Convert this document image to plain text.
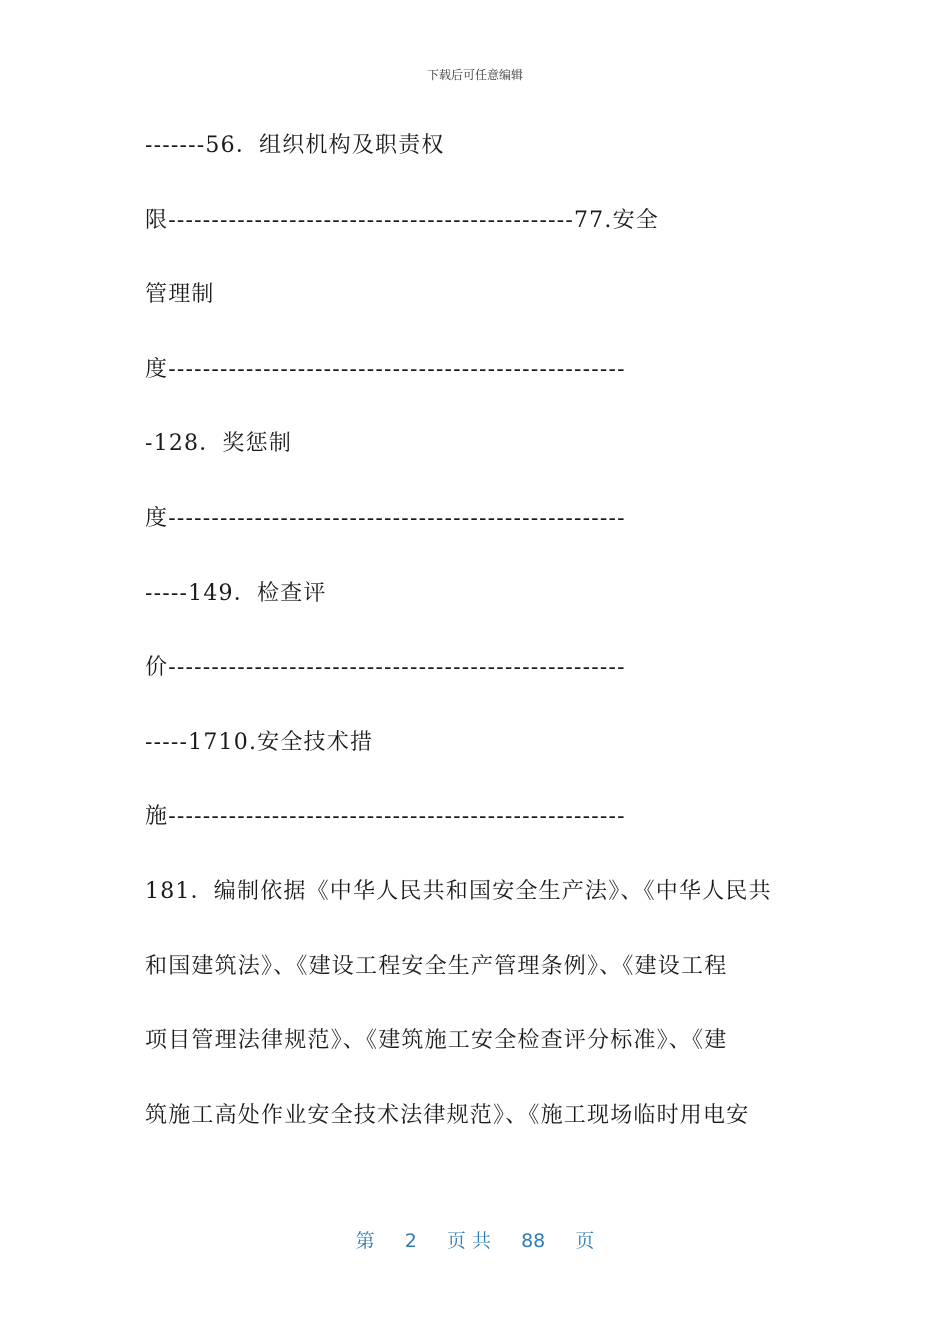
下载后可任意编辑
-------56．组织机构及职责权
限-----------------------------------------------77.安全
管理制
度-----------------------------------------------------
-128．奖惩制
度-----------------------------------------------------
-----149．检查评
价-----------------------------------------------------
-----1710.安全技术措
施-----------------------------------------------------
181．编制依据《中华人民共和国安全生产法》、《中华人民共
和国建筑法》、《建设工程安全生产管理条例》、《建设工程
项目管理法律规范》、《建筑施工安全检查评分标准》、《建
筑施工高处作业安全技术法律规范》、《施工现场临时用电安
第 2 页 共 88 页
